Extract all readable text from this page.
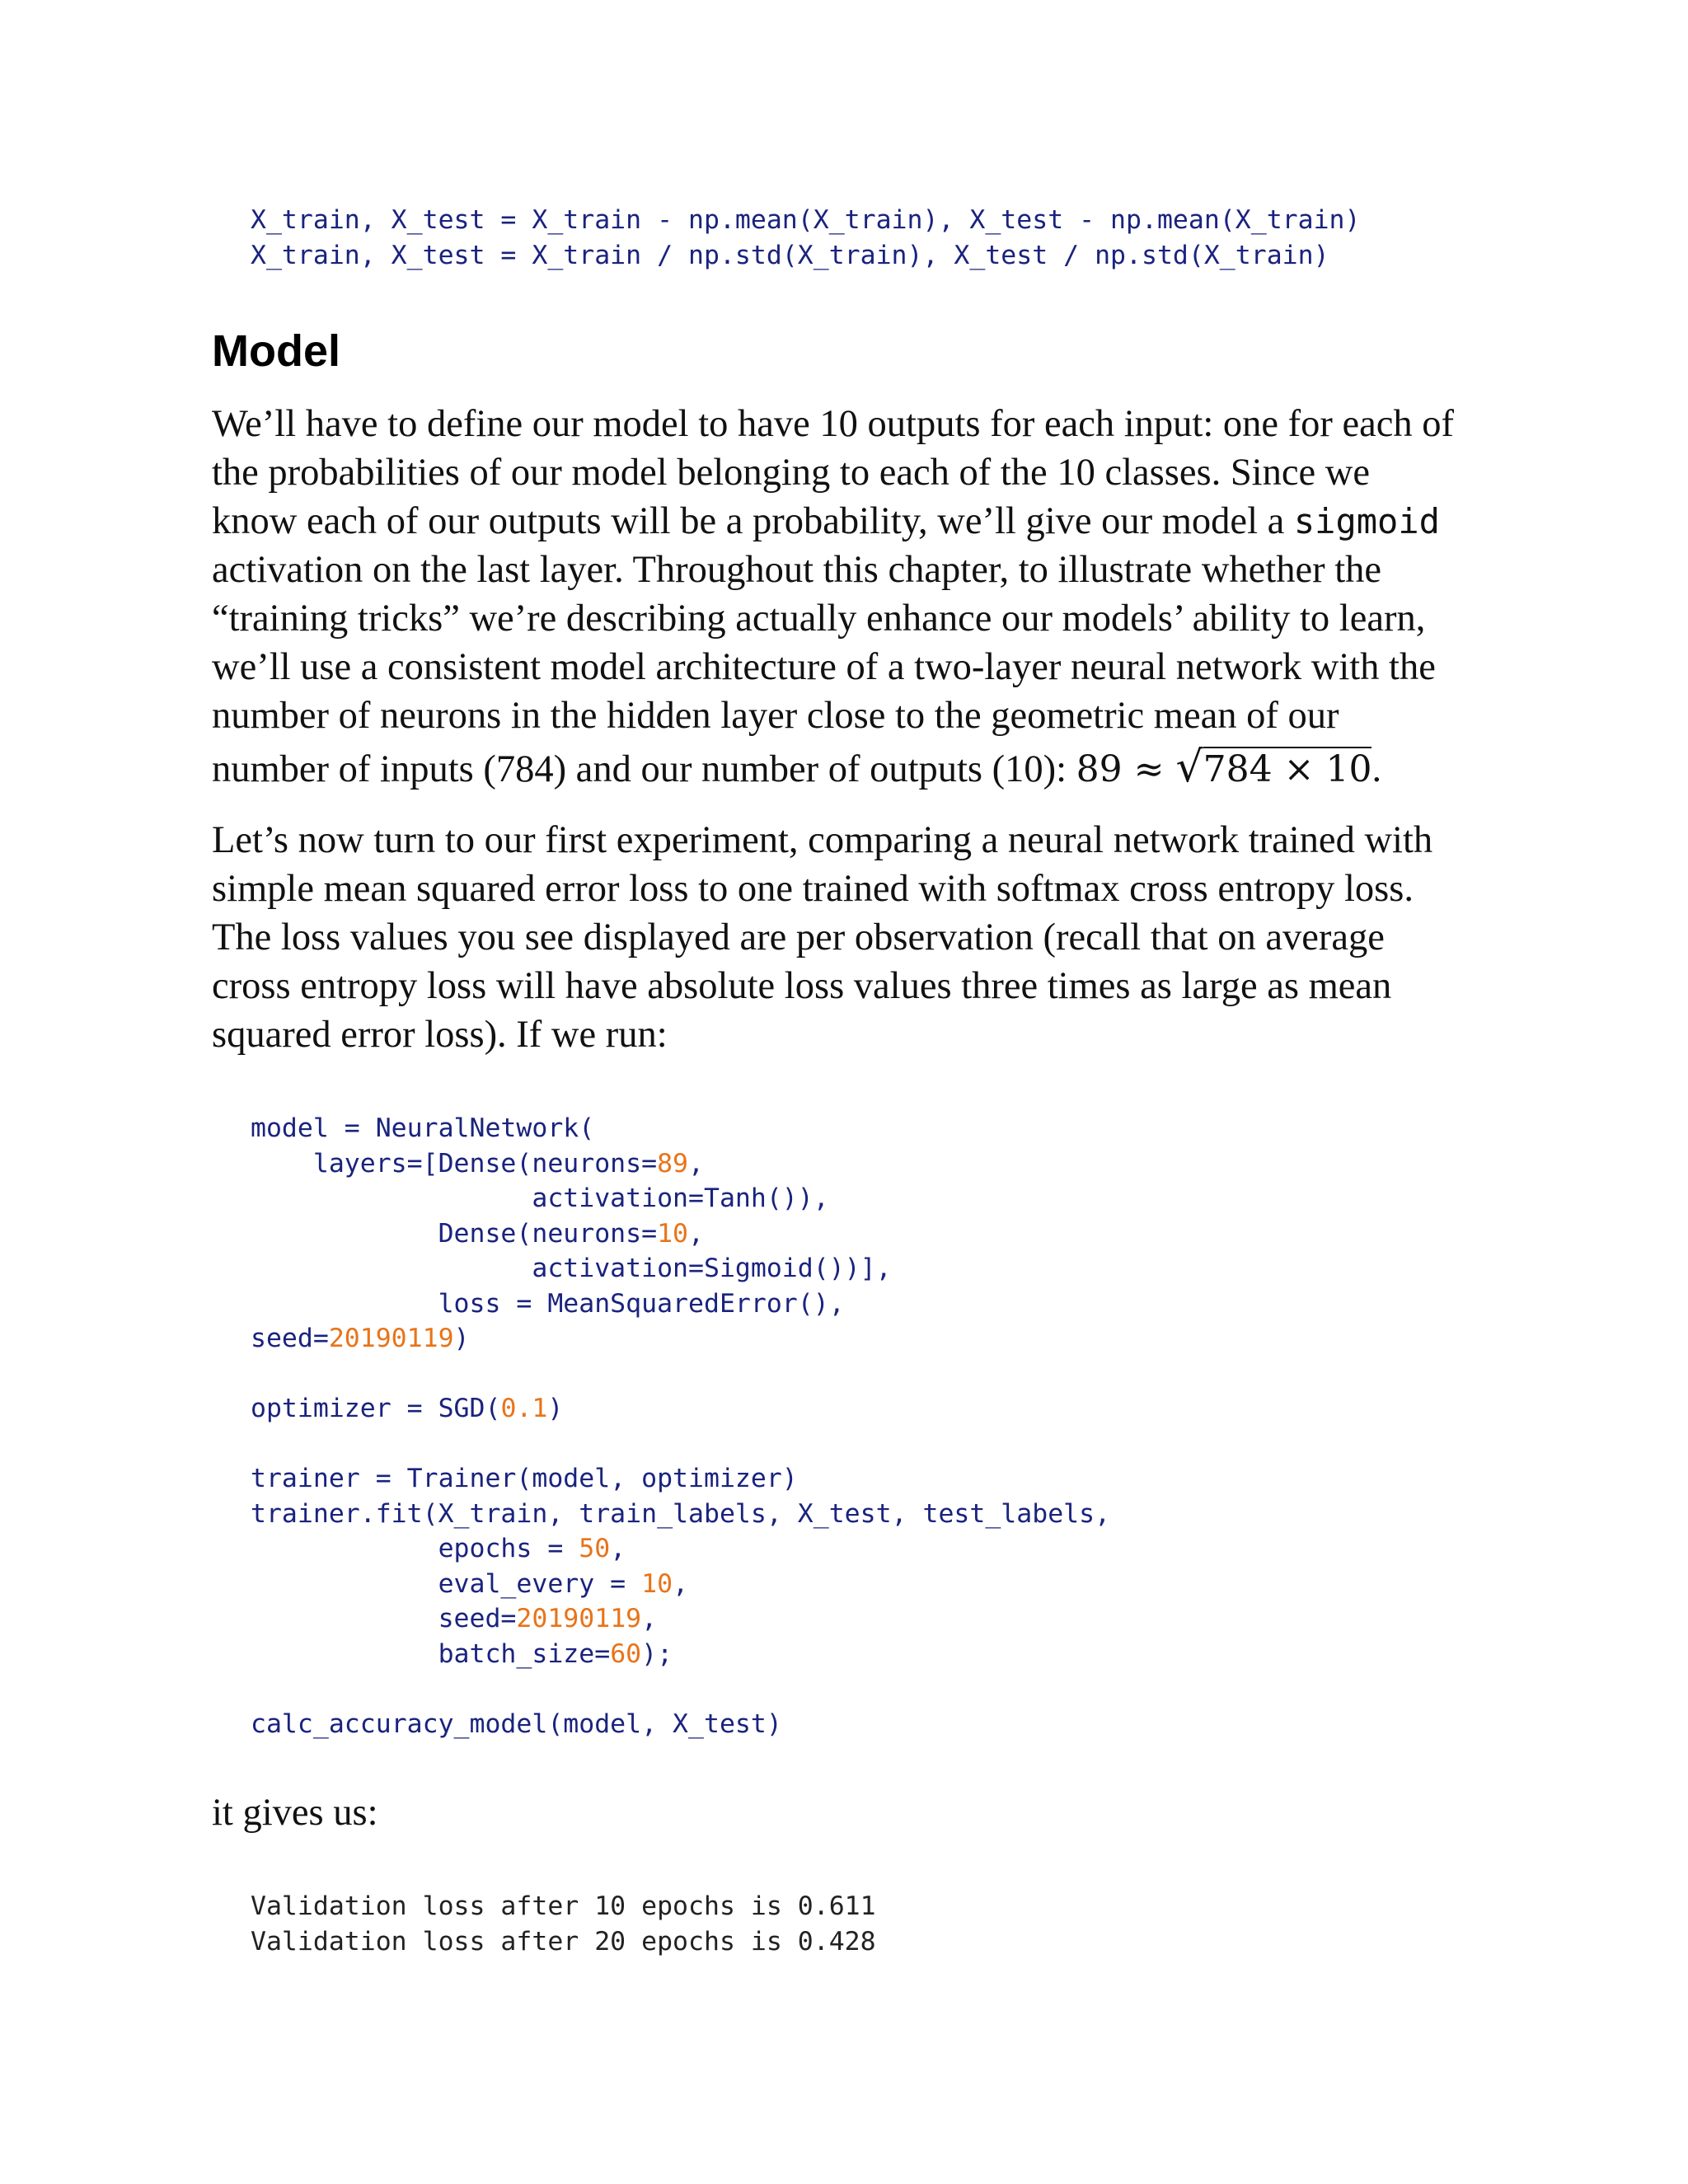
X_train, X_test = X_train - np.mean(X_train), X_test - np.mean(X_train)
X_train, X_test = X_train / np.std(X_train), X_test / np.std(X_train)
Model
We’ll have to define our model to have 10 outputs for each input: one for each of
the probabilities of our model belonging to each of the 10 classes. Since we
know each of our outputs will be a probability, we’ll give our model a sigmoid
activation on the last layer. Throughout this chapter, to illustrate whether the
“training tricks” we’re describing actually enhance our models’ ability to learn,
we’ll use a consistent model architecture of a two-layer neural network with the
number of neurons in the hidden layer close to the geometric mean of our
number of inputs (784) and our number of outputs (10): 89 ≈ √784 × 10.
Let’s now turn to our first experiment, comparing a neural network trained with
simple mean squared error loss to one trained with softmax cross entropy loss.
The loss values you see displayed are per observation (recall that on average
cross entropy loss will have absolute loss values three times as large as mean
squared error loss). If we run:
model = NeuralNetwork(
layers=[Dense(neurons=89,
activation=Tanh()),
Dense(neurons=10,
activation=Sigmoid())],
loss = MeanSquaredError(),
seed=20190119)
optimizer = SGD(0.1)
trainer = Trainer(model, optimizer)
trainer.fit(X_train, train_labels, X_test, test_labels,
epochs = 50,
eval_every = 10,
seed=20190119,
batch_size=60);
calc_accuracy_model(model, X_test)
it gives us:
Validation loss after 10 epochs is 0.611
Validation loss after 20 epochs is 0.428
